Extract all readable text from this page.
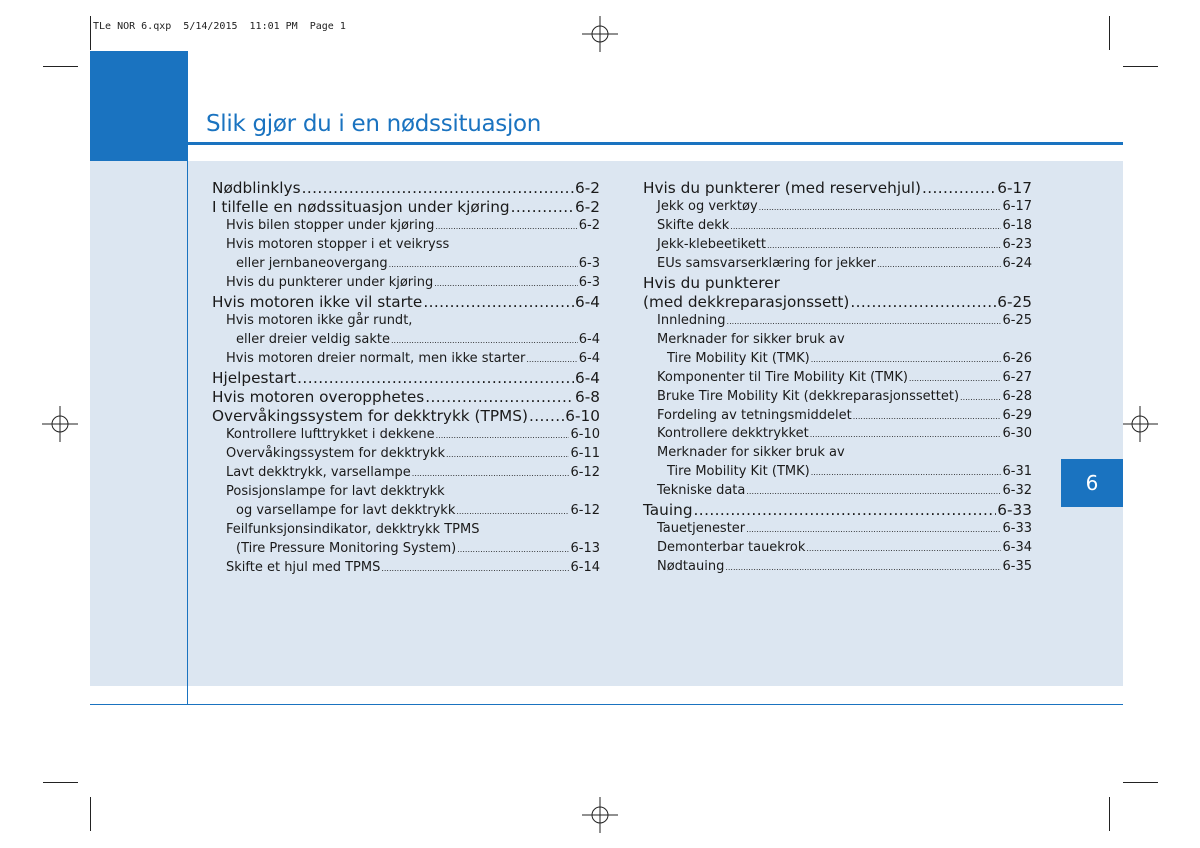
TLe NOR 6.qxp  5/14/2015  11:01 PM  Page 1
Slik gjør du i en nødssituasjon
6
Nødblinklys .....	6-2
I tilfelle en nødssituasjon under kjøring .....	6-2
Hvis bilen stopper under kjøring .....	6-2
Hvis motoren stopper i et veikryss
eller jernbaneovergang .....	6-3
Hvis du punkterer under kjøring .....	6-3
Hvis motoren ikke vil starte .....	6-4
Hvis motoren ikke går rundt,
eller dreier veldig sakte .....	6-4
Hvis motoren dreier normalt, men ikke starter .....	6-4
Hjelpestart .....	6-4
Hvis motoren overopphetes .....	6-8
Overvåkingssystem for dekktrykk (TPMS) ..... 6-10
Kontrollere lufttrykket i dekkene .....	6-10
Overvåkingssystem for dekktrykk .....	6-11
Lavt dekktrykk, varsellampe .....	6-12
Posisjonslampe for lavt dekktrykk
og varsellampe for lavt dekktrykk .....	6-12
Feilfunksjonsindikator, dekktrykk TPMS
(Tire Pressure Monitoring System) .....	6-13
Skifte et hjul med TPMS .....	6-14
Hvis du punkterer (med reservehjul) .....	6-17
Jekk og verktøy .....	6-17
Skifte dekk .....	6-18
Jekk-klebeetikett .....	6-23
EUs samsvarserklæring for jekker .....	6-24
Hvis du punkterer
(med dekkreparasjonssett) .....	6-25
Innledning .....	6-25
Merknader for sikker bruk av
Tire Mobility Kit (TMK) .....	6-26
Komponenter til Tire Mobility Kit (TMK) .....	6-27
Bruke Tire Mobility Kit (dekkreparasjonssettet) .....	6-28
Fordeling av tetningsmiddelet .....	6-29
Kontrollere dekktrykket .....	6-30
Merknader for sikker bruk av
Tire Mobility Kit (TMK) .....	6-31
Tekniske data .....	6-32
Tauing .....	6-33
Tauetjenester .....	6-33
Demonterbar tauekrok .....	6-34
Nødtauing .....	6-35
